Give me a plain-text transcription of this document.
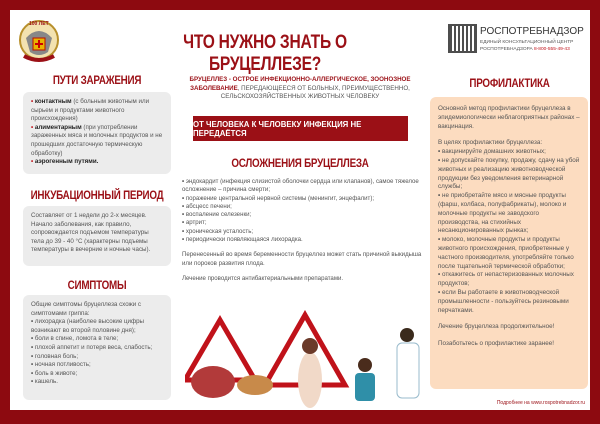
100 ЛЕТ
ЧТО НУЖНО ЗНАТЬ О БРУЦЕЛЛЕЗЕ?
РОСПОТРЕБНАДЗОР
ЕДИНЫЙ КОНСУЛЬТАЦИОННЫЙ ЦЕНТР
РОСПОТРЕБНАДЗОРА 8-800-555-49-43
ПУТИ ЗАРАЖЕНИЯ
• контактным (с больным животным или сырьем и продуктами животного происхождения)
• алиментарным (при употреблении зараженных мяса и молочных продуктов и не прошедших достаточную термическую обработку)
• аэрогенным путями.
ИНКУБАЦИОННЫЙ ПЕРИОД
Составляет от 1 недели до 2-х месяцев. Начало заболевания, как правило, сопровождается подъемом температуры тела до 39 - 40 °С (характерны подъемы температуры в вечерние и ночные часы).
СИМПТОМЫ
Общие симптомы бруцеллеза схожи с симптомами гриппа:
• лихорадка (наиболее высокие цифры возникают во второй половине дня);
• боли в спине, ломота в теле;
• плохой аппетит и потеря веса, слабость;
• головная боль;
• ночная потливость;
• боль в животе;
• кашель.
БРУЦЕЛЛЕЗ - ОСТРОЕ ИНФЕКЦИОННО-АЛЛЕРГИЧЕСКОЕ, ЗООНОЗНОЕ ЗАБОЛЕВАНИЕ, ПЕРЕДАЮЩЕЕСЯ ОТ БОЛЬНЫХ, ПРЕИМУЩЕСТВЕННО, СЕЛЬСКОХОЗЯЙСТВЕННЫХ ЖИВОТНЫХ ЧЕЛОВЕКУ
ОТ ЧЕЛОВЕКА К ЧЕЛОВЕКУ ИНФЕКЦИЯ НЕ ПЕРЕДАЁТСЯ
ОСЛОЖНЕНИЯ БРУЦЕЛЛЕЗА
• эндокардит (инфекция слизистой оболочки сердца или клапанов), самое тяжелое осложнение – причина смерти;
• поражение центральной нервной системы (менингит, энцефалит);
• абсцесс печени;
• воспаление селезенки;
• артрит;
• хроническая усталость;
• периодически появляющаяся лихорадка.

Перенесенный во время беременности бруцеллез может стать причиной выкидыша или пороков развития плода.

Лечение проводится антибактериальными препаратами.

ПРОФИЛАКТИКА

Основной метод профилактики бруцеллеза в эпидемиологически неблагоприятных районах – вакцинация.

В целях профилактики бруцеллеза:

• вакцинируйте домашних животных;
• не допускайте покупку, продажу, сдачу на убой животных и реализацию животноводческой продукции без уведомления ветеринарной службы;
• не приобретайте мясо и мясные продукты (фарш, колбаса, полуфабрикаты), молоко и молочные продукты не заводского производства, на стихийных несанкционированных рынках;
• молоко, молочные продукты и продукты животного происхождения, приобретенные у частного производителя, употребляйте только после тщательной термической обработки;
• откажитесь от непастеризованных молочных продуктов;
• если Вы работаете в животноводческой промышленности - пользуйтесь резиновыми перчатками.

Лечение бруцеллеза продолжительное!

Позаботьтесь о профилактике заранее!

Подробнее на www.rospotrebnadzor.ru
